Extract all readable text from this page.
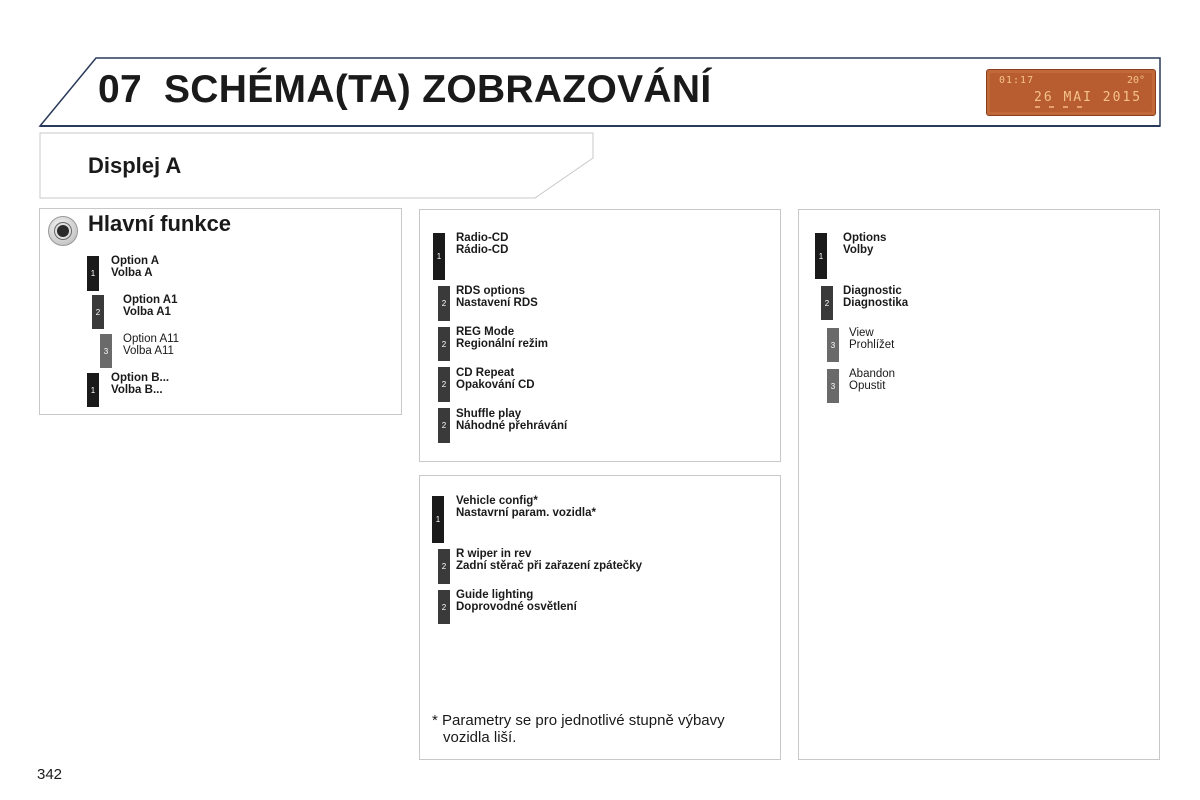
07 SCHÉMA(TA) ZOBRAZOVÁNÍ	01:17	20°
26 MAI 2015
Displej A
Hlavní funkce
1
Option A
Volba A
2
Option A1
Volba A1
3
Option A11
Volba A11
1
Option B...
Volba B...
1
Radio-CD
Rádio-CD
2
RDS options
Nastavení RDS
2
REG Mode
Regionální režim
2
CD Repeat
Opakování CD
2
Shuffle play
Náhodné přehrávání
1
Vehicle config*
Nastavrní param. vozidla*
2
R wiper in rev
Zadní stěrač při zařazení zpátečky
2
Guide lighting
Doprovodné osvětlení
* Parametry se pro jednotlivé stupně výbavy
vozidla liší.
1
Options
Volby
2
Diagnostic
Diagnostika
3
View
Prohlížet
3
Abandon
Opustit
342
